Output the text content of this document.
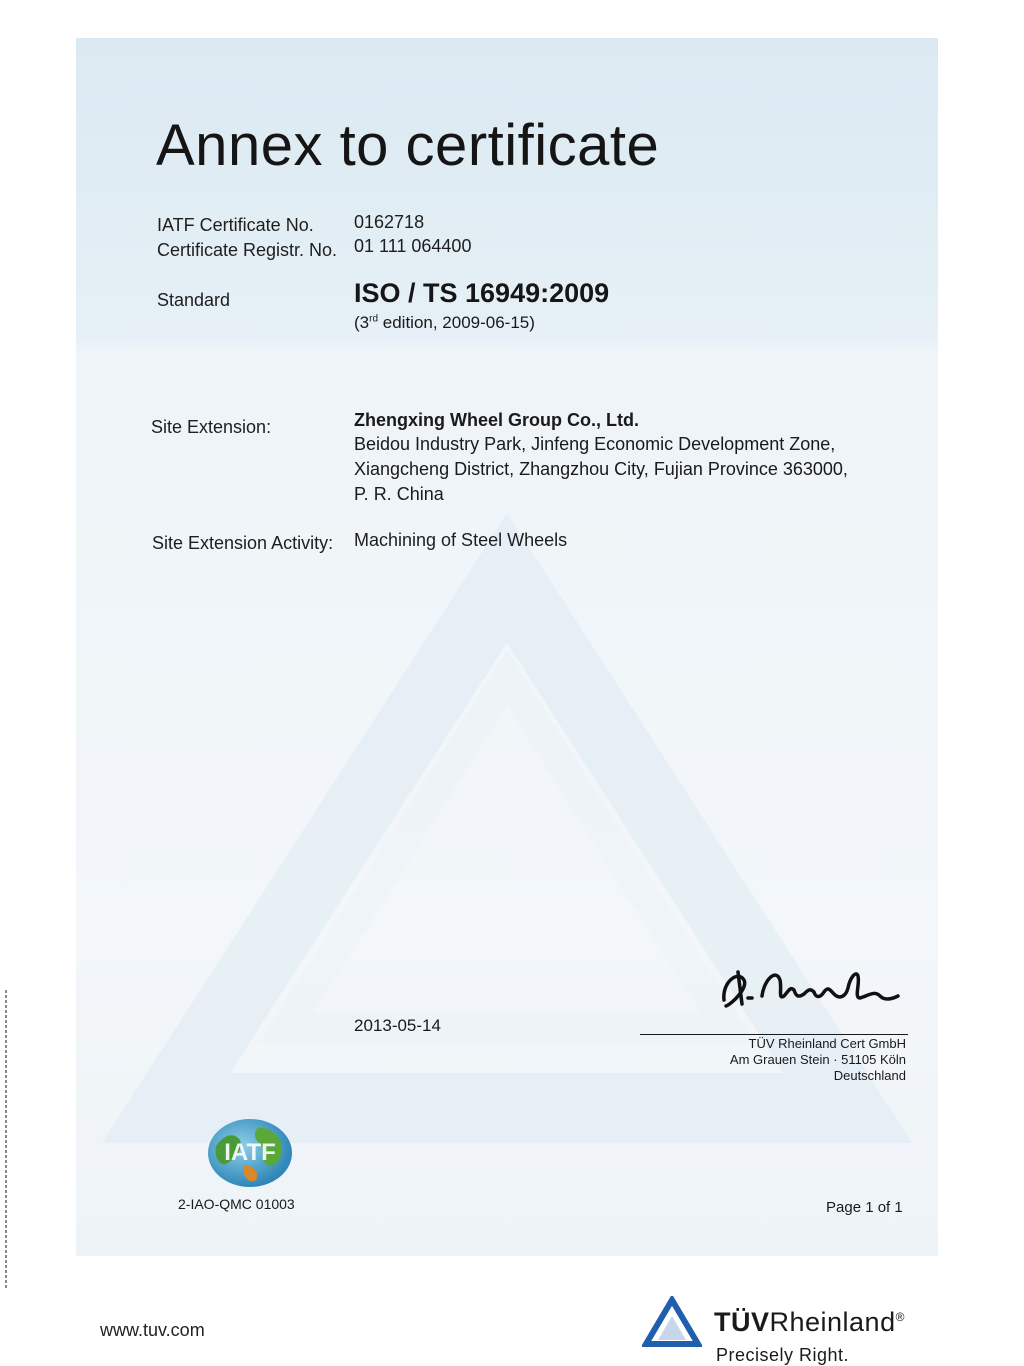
Annex to certificate
IATF Certificate No. 0162718
Certificate Registr. No. 01 111 064400
Standard	ISO / TS 16949:2009
(3rd edition, 2009-06-15)
Site Extension:	Zhengxing Wheel Group Co., Ltd.
Beidou Industry Park, Jinfeng Economic Development Zone,
Xiangcheng District, Zhangzhou City, Fujian Province 363000,
P. R. China
Site Extension Activity: Machining of Steel Wheels
2013-05-14
TÜV Rheinland Cert GmbH
Am Grauen Stein · 51105 Köln
Deutschland
IATF
2-IAO-QMC 01003	Page 1 of 1
www.tuv.com	TÜVRheinland®
Precisely Right.
